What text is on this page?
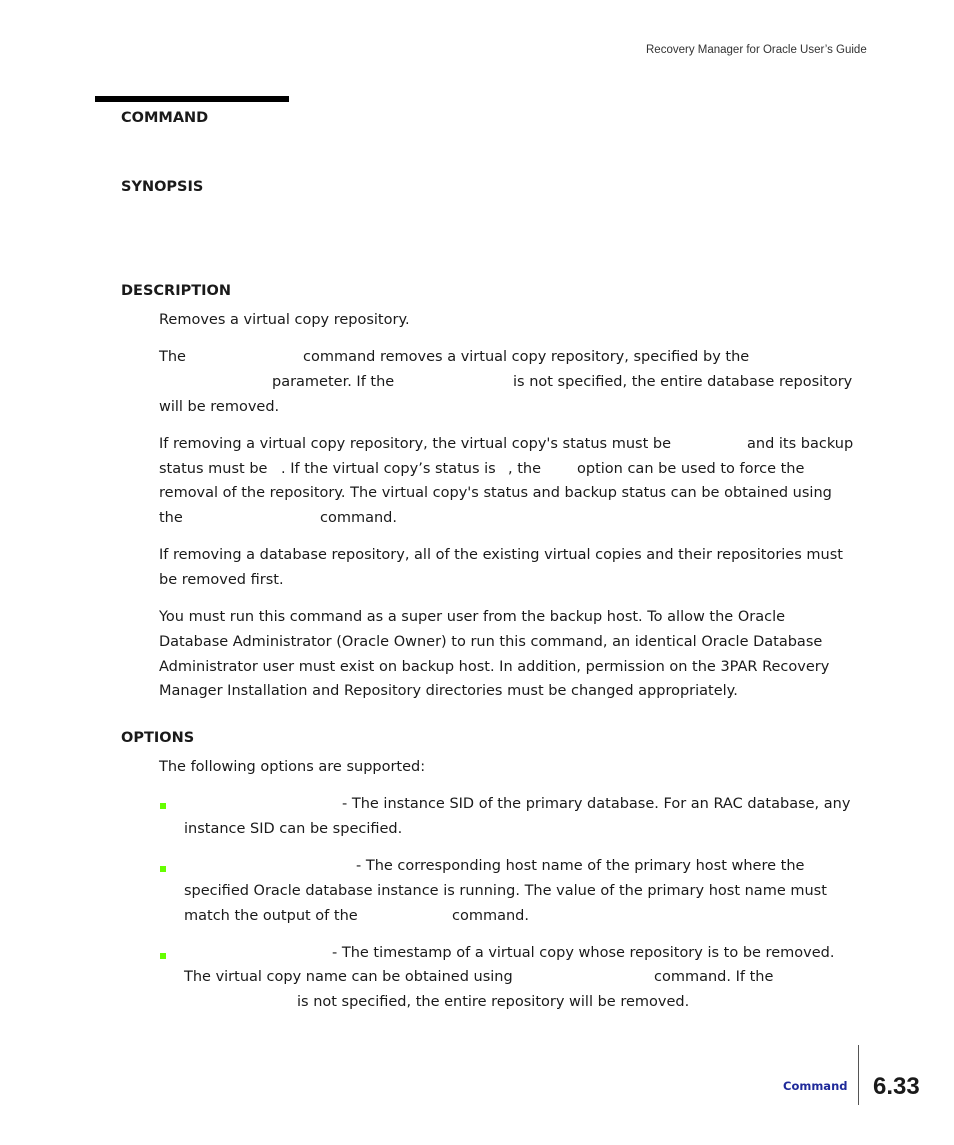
Recovery Manager for Oracle User’s Guide
COMMAND
SYNOPSIS
DESCRIPTION
Removes a virtual copy repository.
The	command removes a virtual copy repository, specified by the
parameter. If the	is not specified, the entire database repository
will be removed.
If removing a virtual copy repository, the virtual copy's status must be	and its backup
status must be . If the virtual copy’s status is , the option can be used to force the
removal of the repository. The virtual copy's status and backup status can be obtained using
the	command.
If removing a database repository, all of the existing virtual copies and their repositories must
be removed first.
You must run this command as a super user from the backup host. To allow the Oracle
Database Administrator (Oracle Owner) to run this command, an identical Oracle Database
Administrator user must exist on backup host. In addition, permission on the 3PAR Recovery
Manager Installation and Repository directories must be changed appropriately.
OPTIONS
The following options are supported:
- The instance SID of the primary database. For an RAC database, any
instance SID can be specified.
- The corresponding host name of the primary host where the
specified Oracle database instance is running. The value of the primary host name must
match the output of the	command.
- The timestamp of a virtual copy whose repository is to be removed.
The virtual copy name can be obtained using	command. If the
is not specified, the entire repository will be removed.
Command 6.33
